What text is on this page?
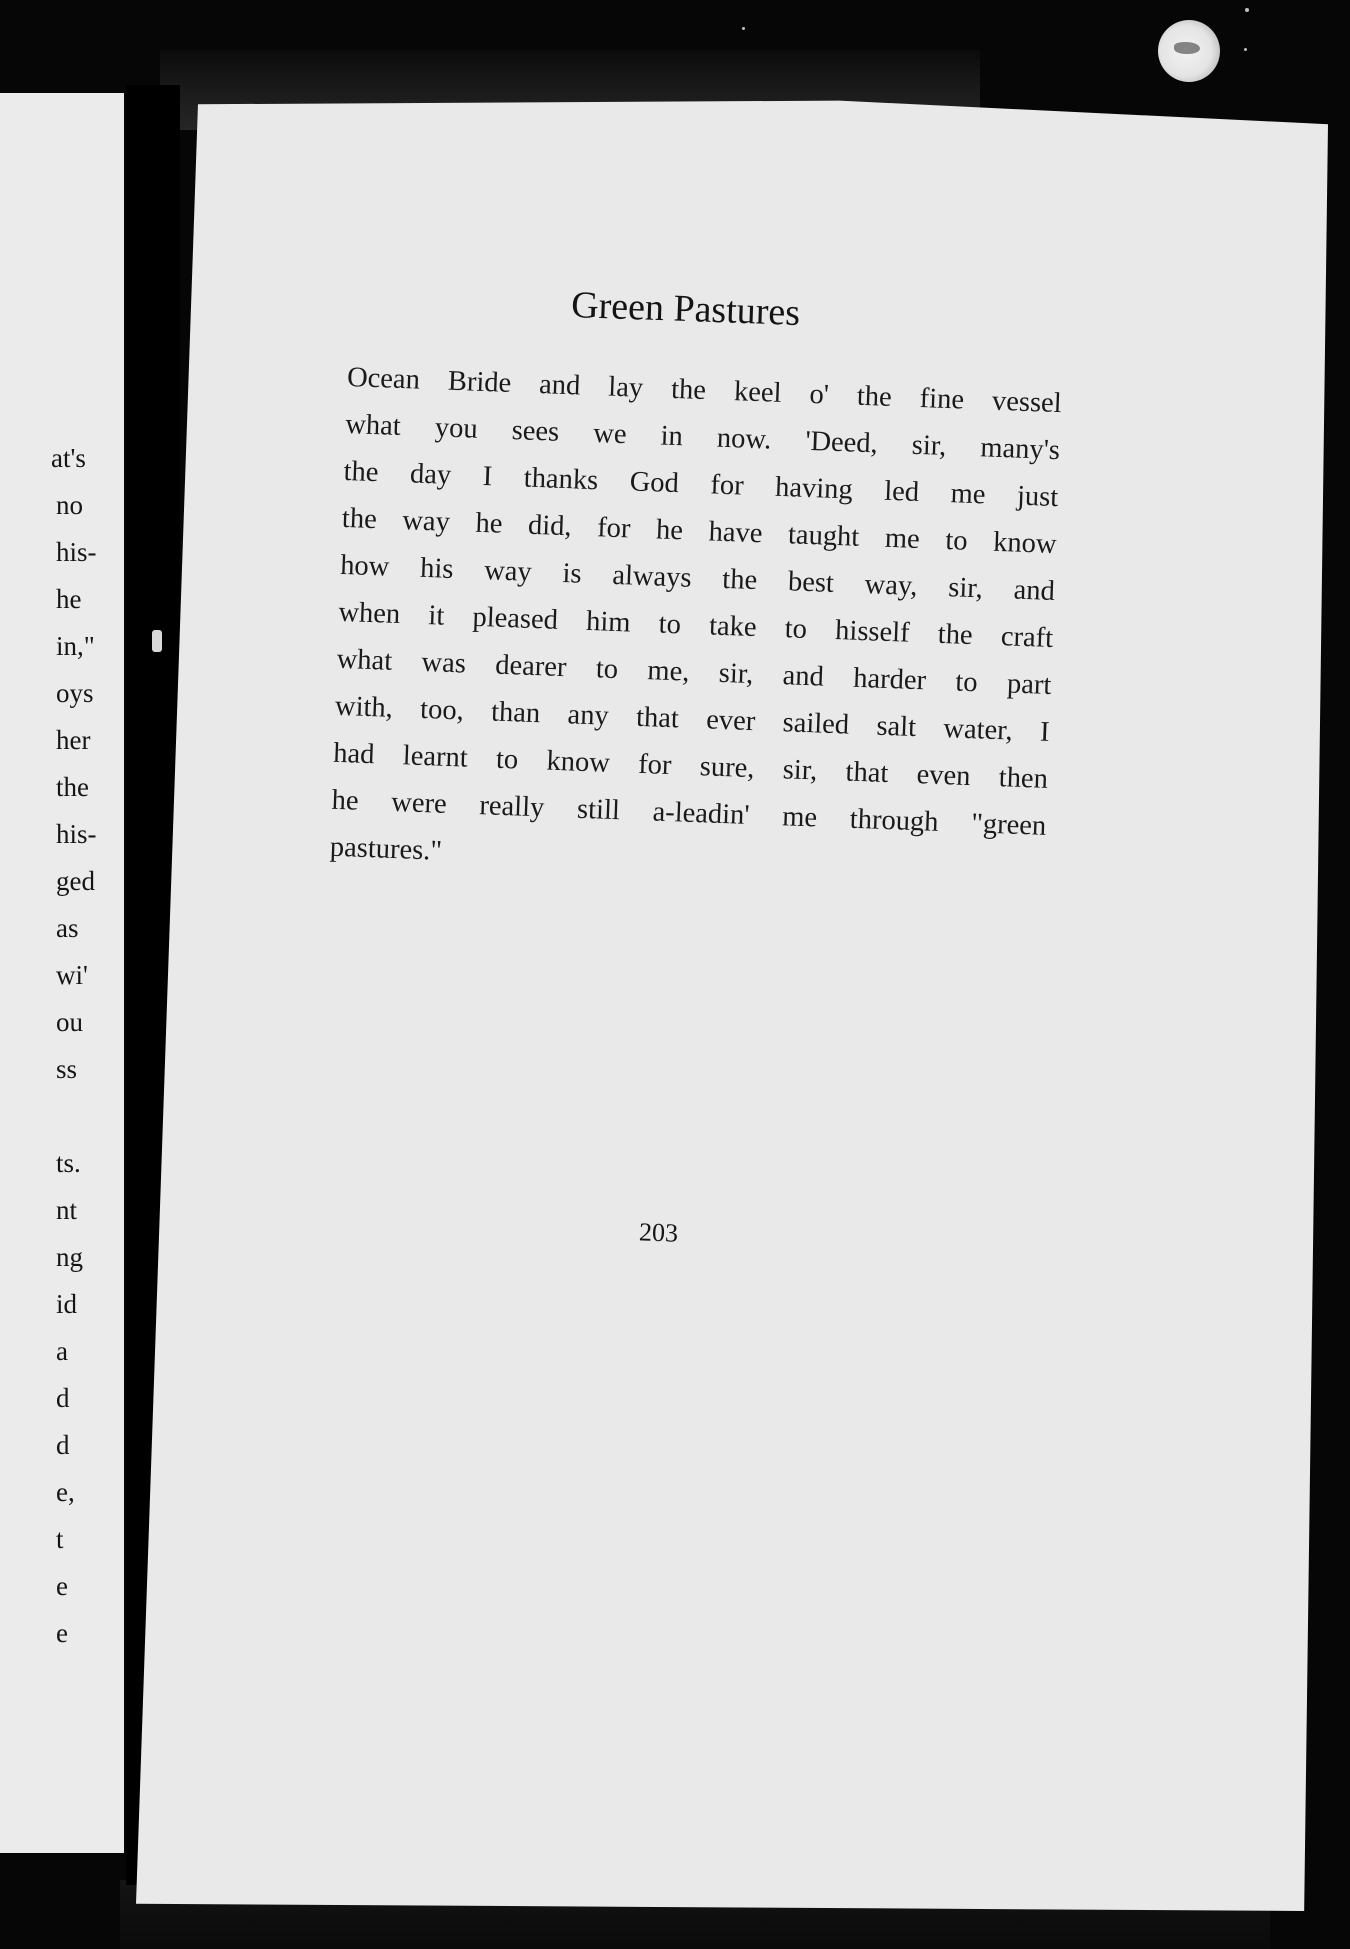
at's
no
his-
he
in,"
oys
her
the
his-
ged
as
wi'
ou
ss
ts.
nt
ng
id
a
d
d
e,
t
e
e
Green Pastures
Ocean Bride and lay the keel o' the fine vessel
what you sees we in now. 'Deed, sir, many's
the day I thanks God for having led me just
the way he did, for he have taught me to know
how his way is always the best way, sir, and
when it pleased him to take to hisself the craft
what was dearer to me, sir, and harder to part
with, too, than any that ever sailed salt water, I
had learnt to know for sure, sir, that even then
he were really still a-leadin' me through "green
pastures."
203
